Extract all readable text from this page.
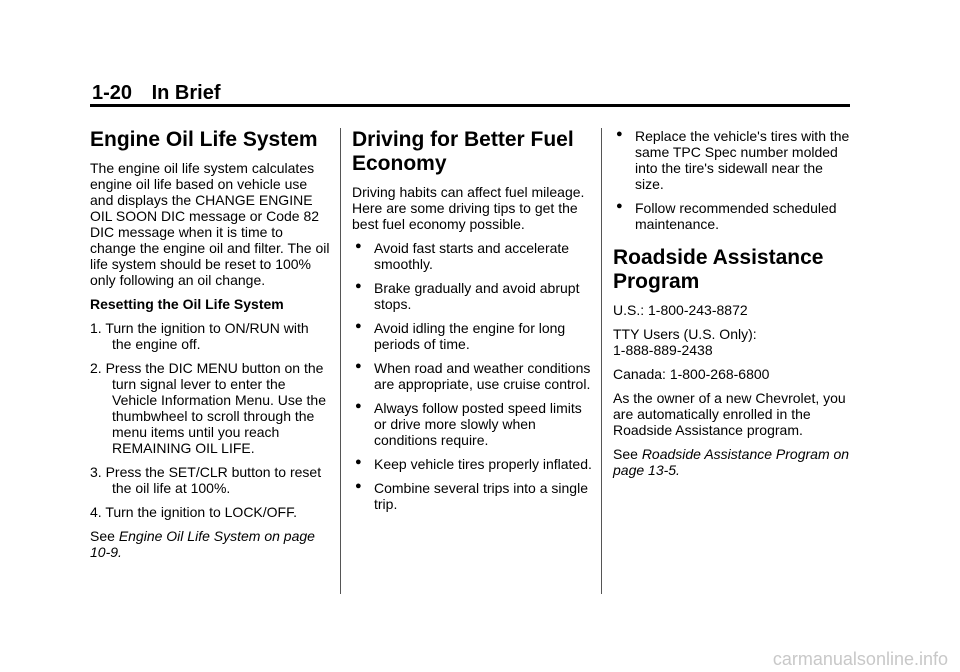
1-20 In Brief
Engine Oil Life System

The engine oil life system calculates engine oil life based on vehicle use and displays the CHANGE ENGINE OIL SOON DIC message or Code 82 DIC message when it is time to change the engine oil and filter. The oil life system should be reset to 100% only following an oil change.

Resetting the Oil Life System

1. Turn the ignition to ON/RUN with the engine off.

2. Press the DIC MENU button on the turn signal lever to enter the Vehicle Information Menu. Use the thumbwheel to scroll through the menu items until you reach REMAINING OIL LIFE.

3. Press the SET/CLR button to reset the oil life at 100%.

4. Turn the ignition to LOCK/OFF.

See Engine Oil Life System on page 10-9.

Driving for Better Fuel Economy

Driving habits can affect fuel mileage. Here are some driving tips to get the best fuel economy possible.

● Avoid fast starts and accelerate smoothly.
● Brake gradually and avoid abrupt stops.
● Avoid idling the engine for long periods of time.
● When road and weather conditions are appropriate, use cruise control.
● Always follow posted speed limits or drive more slowly when conditions require.
● Keep vehicle tires properly inflated.
● Combine several trips into a single trip.
● Replace the vehicle's tires with the same TPC Spec number molded into the tire's sidewall near the size.
● Follow recommended scheduled maintenance.
Roadside Assistance Program

U.S.: 1-800-243-8872

TTY Users (U.S. Only):
1-888-889-2438

Canada: 1-800-268-6800

As the owner of a new Chevrolet, you are automatically enrolled in the Roadside Assistance program.

See Roadside Assistance Program on page 13-5.

carmanualsonline.info
